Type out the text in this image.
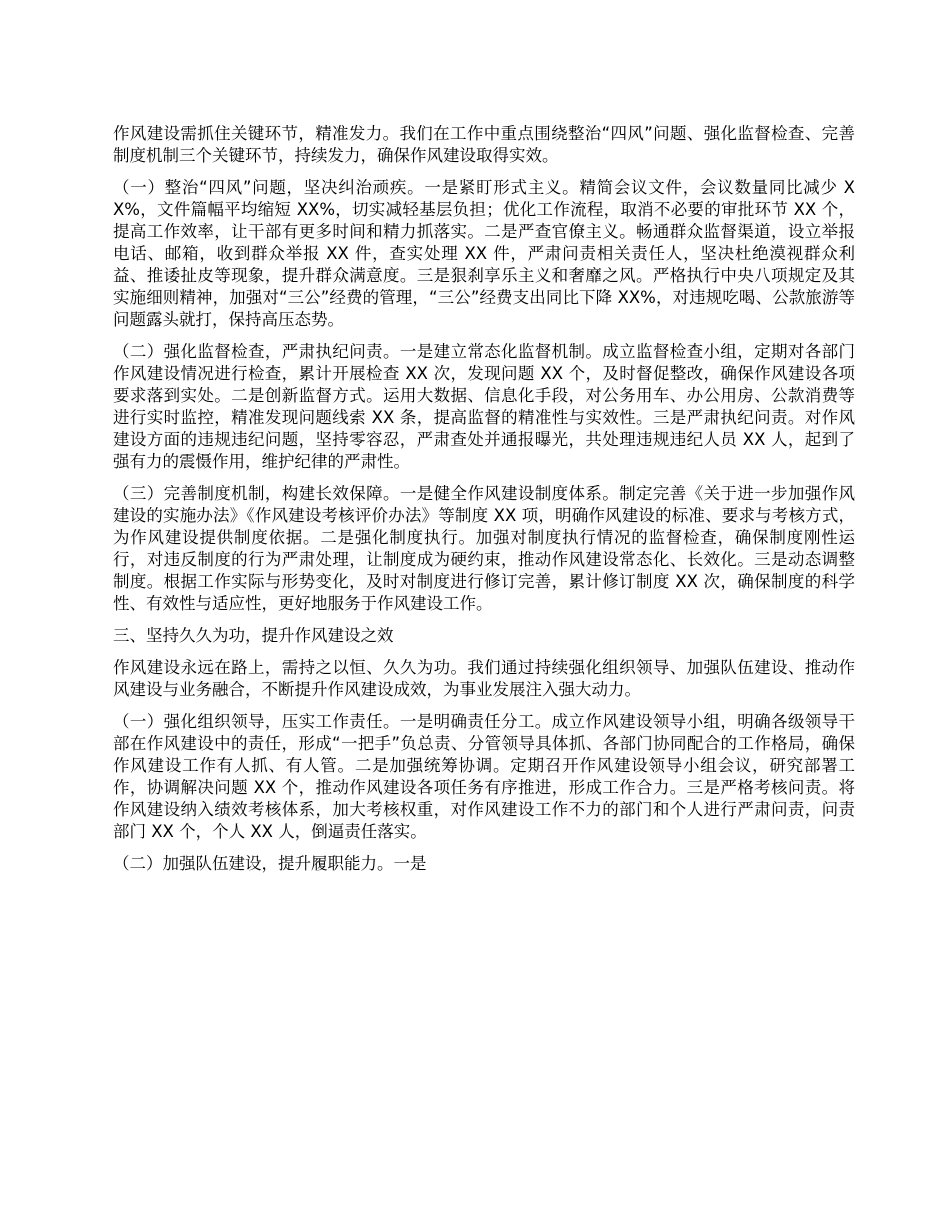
作风建设需抓住关键环节，精准发力。我们在工作中重点围绕整治“四风”问题、强化监督检查、完善制度机制三个关键环节，持续发力，确保作风建设取得实效。

（一）整治“四风”问题，坚决纠治顽疾。一是紧盯形式主义。精简会议文件，会议数量同比减少 XX%，文件篇幅平均缩短 XX%，切实减轻基层负担；优化工作流程，取消不必要的审批环节 XX 个，提高工作效率，让干部有更多时间和精力抓落实。二是严查官僚主义。畅通群众监督渠道，设立举报电话、邮箱，收到群众举报 XX 件，查实处理 XX 件，严肃问责相关责任人，坚决杜绝漠视群众利益、推诿扯皮等现象，提升群众满意度。三是狠刹享乐主义和奢靡之风。严格执行中央八项规定及其实施细则精神，加强对“三公”经费的管理，“三公”经费支出同比下降 XX%，对违规吃喝、公款旅游等问题露头就打，保持高压态势。

（二）强化监督检查，严肃执纪问责。一是建立常态化监督机制。成立监督检查小组，定期对各部门作风建设情况进行检查，累计开展检查 XX 次，发现问题 XX 个，及时督促整改，确保作风建设各项要求落到实处。二是创新监督方式。运用大数据、信息化手段，对公务用车、办公用房、公款消费等进行实时监控，精准发现问题线索 XX 条，提高监督的精准性与实效性。三是严肃执纪问责。对作风建设方面的违规违纪问题，坚持零容忍，严肃查处并通报曝光，共处理违规违纪人员 XX 人，起到了强有力的震慑作用，维护纪律的严肃性。

（三）完善制度机制，构建长效保障。一是健全作风建设制度体系。制定完善《关于进一步加强作风建设的实施办法》《作风建设考核评价办法》等制度 XX 项，明确作风建设的标准、要求与考核方式，为作风建设提供制度依据。二是强化制度执行。加强对制度执行情况的监督检查，确保制度刚性运行，对违反制度的行为严肃处理，让制度成为硬约束，推动作风建设常态化、长效化。三是动态调整制度。根据工作实际与形势变化，及时对制度进行修订完善，累计修订制度 XX 次，确保制度的科学性、有效性与适应性，更好地服务于作风建设工作。

三、坚持久久为功，提升作风建设之效

作风建设永远在路上，需持之以恒、久久为功。我们通过持续强化组织领导、加强队伍建设、推动作风建设与业务融合，不断提升作风建设成效，为事业发展注入强大动力。

（一）强化组织领导，压实工作责任。一是明确责任分工。成立作风建设领导小组，明确各级领导干部在作风建设中的责任，形成“一把手”负总责、分管领导具体抓、各部门协同配合的工作格局，确保作风建设工作有人抓、有人管。二是加强统筹协调。定期召开作风建设领导小组会议，研究部署工作，协调解决问题 XX 个，推动作风建设各项任务有序推进，形成工作合力。三是严格考核问责。将作风建设纳入绩效考核体系，加大考核权重，对作风建设工作不力的部门和个人进行严肃问责，问责部门 XX 个，个人 XX 人，倒逼责任落实。

（二）加强队伍建设，提升履职能力。一是
